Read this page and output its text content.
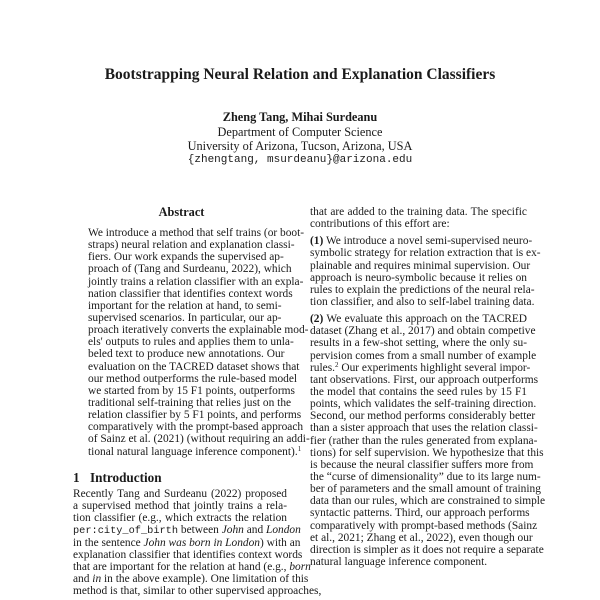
Bootstrapping Neural Relation and Explanation Classifiers
Zheng Tang, Mihai Surdeanu
Department of Computer Science
University of Arizona, Tucson, Arizona, USA
{zhengtang, msurdeanu}@arizona.edu
Abstract
We introduce a method that self trains (or boot-
straps) neural relation and explanation classi-
fiers. Our work expands the supervised ap-
proach of (Tang and Surdeanu, 2022), which
jointly trains a relation classifier with an expla-
nation classifier that identifies context words
important for the relation at hand, to semi-
supervised scenarios. In particular, our ap-
proach iteratively converts the explainable mod-
els' outputs to rules and applies them to unla-
beled text to produce new annotations. Our
evaluation on the TACRED dataset shows that
our method outperforms the rule-based model
we started from by 15 F1 points, outperforms
traditional self-training that relies just on the
relation classifier by 5 F1 points, and performs
comparatively with the prompt-based approach
of Sainz et al. (2021) (without requiring an addi-
tional natural language inference component).$^1$
1 Introduction
Recently Tang and Surdeanu (2022) proposed
a supervised method that jointly trains a rela-
tion classifier (e.g., which extracts the relation
per:city_of_birth between John and London
in the sentence John was born in London) with an
explanation classifier that identifies context words
that are important for the relation at hand (e.g., born
and in in the above example). One limitation of this
method is that, similar to other supervised approaches,
that are added to the training data. The specific
contributions of this effort are:
(1) We introduce a novel semi-supervised neuro-
symbolic strategy for relation extraction that is ex-
plainable and requires minimal supervision. Our
approach is neuro-symbolic because it relies on
rules to explain the predictions of the neural rela-
tion classifier, and also to self-label training data.
(2) We evaluate this approach on the TACRED
dataset (Zhang et al., 2017) and obtain competive
results in a few-shot setting, where the only su-
pervision comes from a small number of example
rules.$^2$ Our experiments highlight several impor-
tant observations. First, our approach outperforms
the model that contains the seed rules by 15 F1
points, which validates the self-training direction.
Second, our method performs considerably better
than a sister approach that uses the relation classi-
fier (rather than the rules generated from explana-
tions) for self supervision. We hypothesize that this
is because the neural classifier suffers more from
the “curse of dimensionality” due to its large num-
ber of parameters and the small amount of training
data than our rules, which are constrained to simple
syntactic patterns. Third, our approach performs
comparatively with prompt-based methods (Sainz
et al., 2021; Zhang et al., 2022), even though our
direction is simpler as it does not require a separate
natural language inference component.
